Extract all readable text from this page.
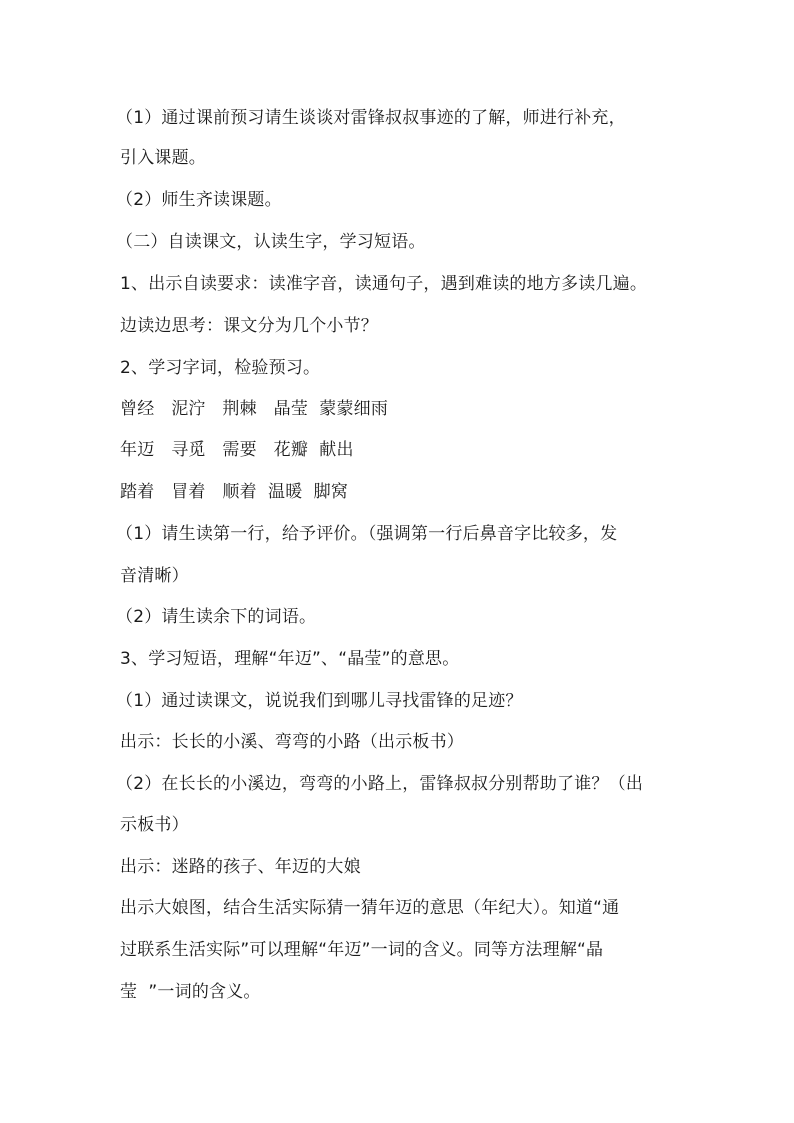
（1）通过课前预习请生谈谈对雷锋叔叔事迹的了解，师进行补充，

引入课题。

（2）师生齐读课题。

（二）自读课文，认读生字，学习短语。

1、出示自读要求：读准字音，读通句子，遇到难读的地方多读几遍。

边读边思考：课文分为几个小节？

2、学习字词，检验预习。

曾经   泥泞   荆棘   晶莹  蒙蒙细雨

年迈   寻觅   需要   花瓣  献出

踏着   冒着   顺着  温暖  脚窝

（1）请生读第一行，给予评价。（强调第一行后鼻音字比较多，发

音清晰）

（2）请生读余下的词语。

3、学习短语，理解“年迈”、“晶莹”的意思。

（1）通过读课文，说说我们到哪儿寻找雷锋的足迹？

出示：长长的小溪、弯弯的小路（出示板书）

（2）在长长的小溪边，弯弯的小路上，雷锋叔叔分别帮助了谁？（出

示板书）

出示：迷路的孩子、年迈的大娘

出示大娘图，结合生活实际猜一猜年迈的意思（年纪大）。知道“通

过联系生活实际”可以理解“年迈”一词的含义。同等方法理解“晶

莹  ”一词的含义。
